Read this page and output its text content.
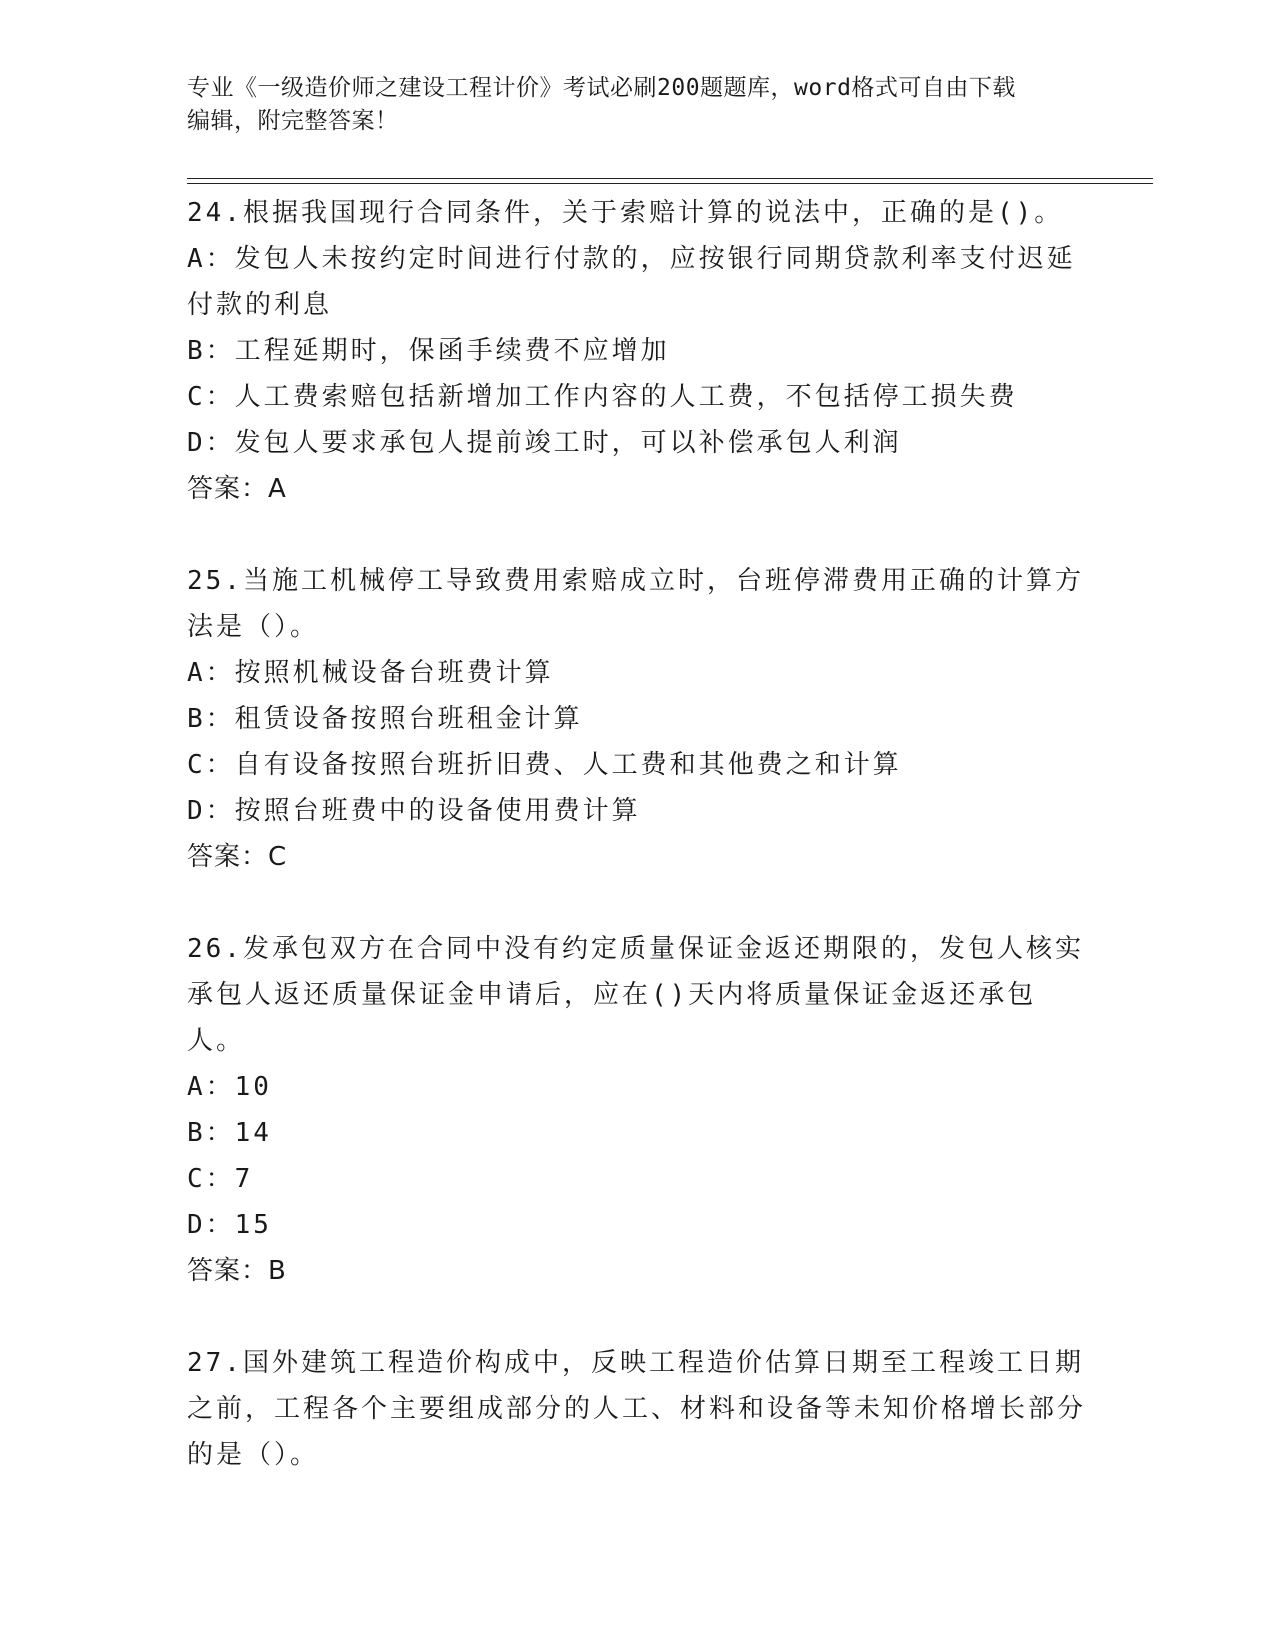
专业《一级造价师之建设工程计价》考试必刷200题题库，word格式可自由下载
编辑，附完整答案！

24.根据我国现行合同条件，关于索赔计算的说法中，正确的是()。

A：发包人未按约定时间进行付款的，应按银行同期贷款利率支付迟延付款的利息

B：工程延期时，保函手续费不应增加

C：人工费索赔包括新增加工作内容的人工费，不包括停工损失费

D：发包人要求承包人提前竣工时，可以补偿承包人利润

答案：A

25.当施工机械停工导致费用索赔成立时，台班停滞费用正确的计算方法是（）。

A：按照机械设备台班费计算

B：租赁设备按照台班租金计算

C：自有设备按照台班折旧费、人工费和其他费之和计算

D：按照台班费中的设备使用费计算

答案：C

26.发承包双方在合同中没有约定质量保证金返还期限的，发包人核实承包人返还质量保证金申请后，应在()天内将质量保证金返还承包人。

A：10

B：14

C：7

D：15

答案：B

27.国外建筑工程造价构成中，反映工程造价估算日期至工程竣工日期之前，工程各个主要组成部分的人工、材料和设备等未知价格增长部分的是（）。
